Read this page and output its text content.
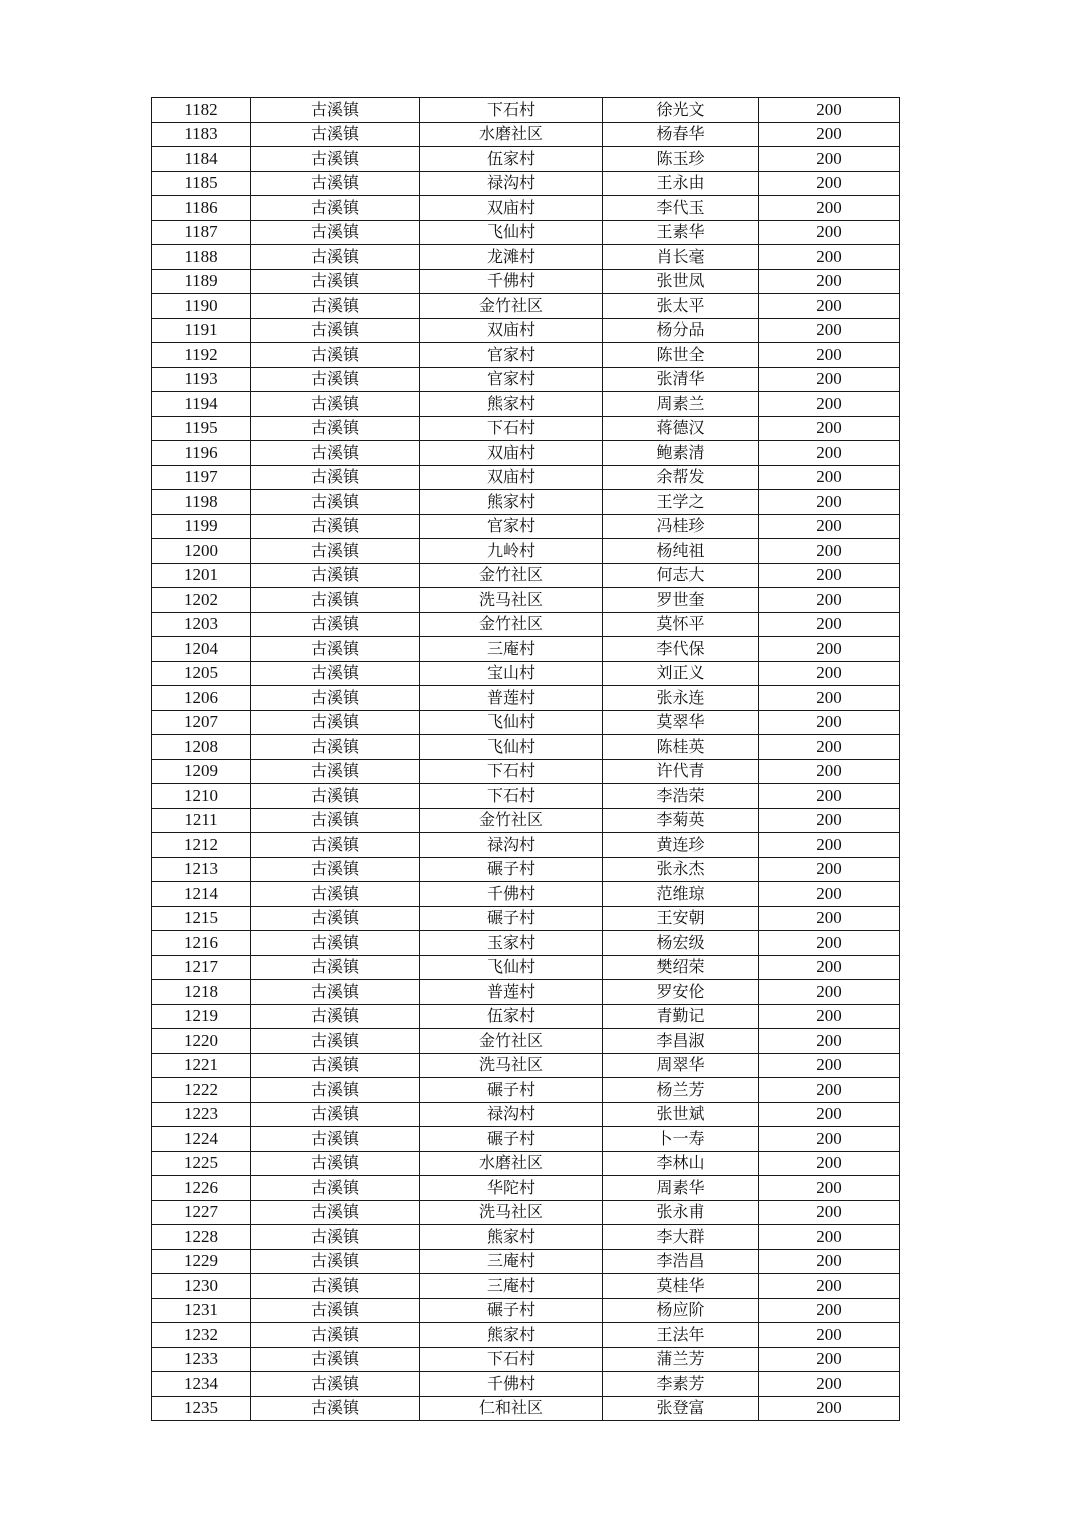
1182	古溪镇	下石村	徐光文	200
1183	古溪镇	水磨社区	杨春华	200
1184	古溪镇	伍家村	陈玉珍	200
1185	古溪镇	禄沟村	王永由	200
1186	古溪镇	双庙村	李代玉	200
1187	古溪镇	飞仙村	王素华	200
1188	古溪镇	龙滩村	肖长毫	200
1189	古溪镇	千佛村	张世凤	200
1190	古溪镇	金竹社区	张太平	200
1191	古溪镇	双庙村	杨分品	200
1192	古溪镇	官家村	陈世全	200
1193	古溪镇	官家村	张清华	200
1194	古溪镇	熊家村	周素兰	200
1195	古溪镇	下石村	蒋德汉	200
1196	古溪镇	双庙村	鲍素清	200
1197	古溪镇	双庙村	余帮发	200
1198	古溪镇	熊家村	王学之	200
1199	古溪镇	官家村	冯桂珍	200
1200	古溪镇	九岭村	杨纯祖	200
1201	古溪镇	金竹社区	何志大	200
1202	古溪镇	洗马社区	罗世奎	200
1203	古溪镇	金竹社区	莫怀平	200
1204	古溪镇	三庵村	李代保	200
1205	古溪镇	宝山村	刘正义	200
1206	古溪镇	普莲村	张永连	200
1207	古溪镇	飞仙村	莫翠华	200
1208	古溪镇	飞仙村	陈桂英	200
1209	古溪镇	下石村	许代青	200
1210	古溪镇	下石村	李浩荣	200
1211	古溪镇	金竹社区	李菊英	200
1212	古溪镇	禄沟村	黄连珍	200
1213	古溪镇	碾子村	张永杰	200
1214	古溪镇	千佛村	范维琼	200
1215	古溪镇	碾子村	王安朝	200
1216	古溪镇	玉家村	杨宏级	200
1217	古溪镇	飞仙村	樊绍荣	200
1218	古溪镇	普莲村	罗安伦	200
1219	古溪镇	伍家村	青勤记	200
1220	古溪镇	金竹社区	李昌淑	200
1221	古溪镇	洗马社区	周翠华	200
1222	古溪镇	碾子村	杨兰芳	200
1223	古溪镇	禄沟村	张世斌	200
1224	古溪镇	碾子村	卜一寿	200
1225	古溪镇	水磨社区	李林山	200
1226	古溪镇	华陀村	周素华	200
1227	古溪镇	洗马社区	张永甫	200
1228	古溪镇	熊家村	李大群	200
1229	古溪镇	三庵村	李浩昌	200
1230	古溪镇	三庵村	莫桂华	200
1231	古溪镇	碾子村	杨应阶	200
1232	古溪镇	熊家村	王法年	200
1233	古溪镇	下石村	蒲兰芳	200
1234	古溪镇	千佛村	李素芳	200
1235	古溪镇	仁和社区	张登富	200
